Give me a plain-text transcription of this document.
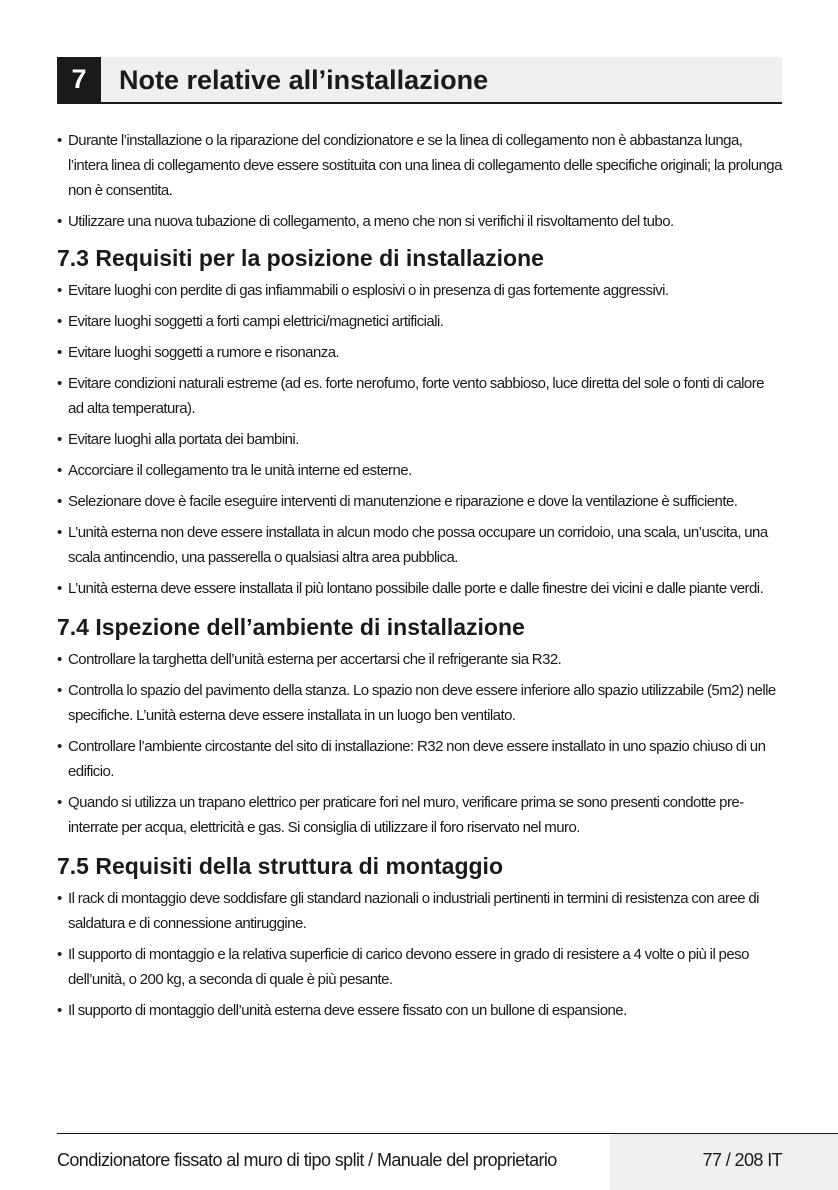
7	Note relative all’installazione
• Durante l’installazione o la riparazione del condizionatore e se la linea di collegamento non è abbastanza lunga, l’intera linea di collegamento deve essere sostituita con una linea di collegamento delle specifiche originali; la prolunga non è consentita.
• Utilizzare una nuova tubazione di collegamento, a meno che non si verifichi il risvoltamento del tubo.
7.3 Requisiti per la posizione di installazione
• Evitare luoghi con perdite di gas infiammabili o esplosivi o in presenza di gas fortemente aggressivi.
• Evitare luoghi soggetti a forti campi elettrici/magnetici artificiali.
• Evitare luoghi soggetti a rumore e risonanza.
• Evitare condizioni naturali estreme (ad es. forte nerofumo, forte vento sabbioso, luce diretta del sole o fonti di calore ad alta temperatura).
• Evitare luoghi alla portata dei bambini.
• Accorciare il collegamento tra le unità interne ed esterne.
• Selezionare dove è facile eseguire interventi di manutenzione e riparazione e dove la ventilazione è sufficiente.
• L’unità esterna non deve essere installata in alcun modo che possa occupare un corridoio, una scala, un’uscita, una scala antincendio, una passerella o qualsiasi altra area pubblica.
• L’unità esterna deve essere installata il più lontano possibile dalle porte e dalle finestre dei vicini e dalle piante verdi.
7.4 Ispezione dell’ambiente di installazione
• Controllare la targhetta dell’unità esterna per accertarsi che il refrigerante sia R32.
• Controlla lo spazio del pavimento della stanza. Lo spazio non deve essere inferiore allo spazio utilizzabile (5m2) nelle specifiche. L’unità esterna deve essere installata in un luogo ben ventilato.
• Controllare l’ambiente circostante del sito di installazione: R32 non deve essere installato in uno spazio chiuso di un edificio.
• Quando si utilizza un trapano elettrico per praticare fori nel muro, verificare prima se sono presenti condotte pre-interrate per acqua, elettricità e gas. Si consiglia di utilizzare il foro riservato nel muro.
7.5 Requisiti della struttura di montaggio
• Il rack di montaggio deve soddisfare gli standard nazionali o industriali pertinenti in termini di resistenza con aree di saldatura e di connessione antiruggine.
• Il supporto di montaggio e la relativa superficie di carico devono essere in grado di resistere a 4 volte o più il peso dell’unità, o 200 kg, a seconda di quale è più pesante.
• Il supporto di montaggio dell’unità esterna deve essere fissato con un bullone di espansione.
Condizionatore fissato al muro di tipo split / Manuale del proprietario	77 / 208 IT
